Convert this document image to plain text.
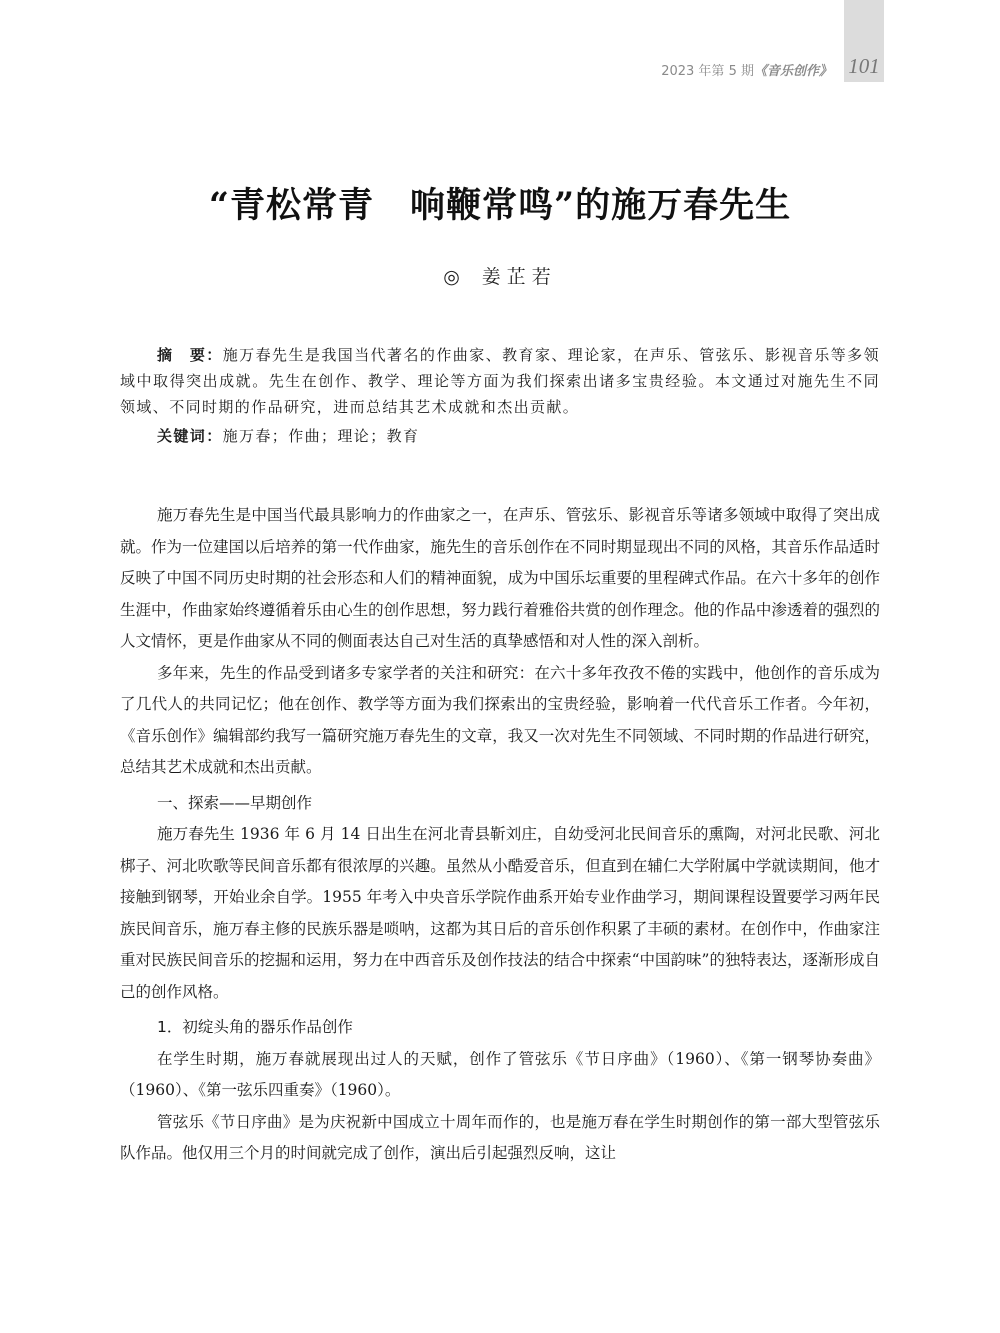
101
2023 年第 5 期《音乐创作》
“青松常青　响鞭常鸣”的施万春先生
◎ 姜芷若

摘　要：施万春先生是我国当代著名的作曲家、教育家、理论家，在声乐、管弦乐、影视音乐等多领域中取得突出成就。先生在创作、教学、理论等方面为我们探索出诸多宝贵经验。本文通过对施先生不同领域、不同时期的作品研究，进而总结其艺术成就和杰出贡献。

关键词：施万春；作曲；理论；教育

施万春先生是中国当代最具影响力的作曲家之一，在声乐、管弦乐、影视音乐等诸多领域中取得了突出成就。作为一位建国以后培养的第一代作曲家，施先生的音乐创作在不同时期显现出不同的风格，其音乐作品适时反映了中国不同历史时期的社会形态和人们的精神面貌，成为中国乐坛重要的里程碑式作品。在六十多年的创作生涯中，作曲家始终遵循着乐由心生的创作思想，努力践行着雅俗共赏的创作理念。他的作品中渗透着的强烈的人文情怀，更是作曲家从不同的侧面表达自己对生活的真挚感悟和对人性的深入剖析。

多年来，先生的作品受到诸多专家学者的关注和研究：在六十多年孜孜不倦的实践中，他创作的音乐成为了几代人的共同记忆；他在创作、教学等方面为我们探索出的宝贵经验，影响着一代代音乐工作者。今年初，《音乐创作》编辑部约我写一篇研究施万春先生的文章，我又一次对先生不同领域、不同时期的作品进行研究，总结其艺术成就和杰出贡献。

一、探索——早期创作

施万春先生 1936 年 6 月 14 日出生在河北青县靳刘庄，自幼受河北民间音乐的熏陶，对河北民歌、河北梆子、河北吹歌等民间音乐都有很浓厚的兴趣。虽然从小酷爱音乐，但直到在辅仁大学附属中学就读期间，他才接触到钢琴，开始业余自学。1955 年考入中央音乐学院作曲系开始专业作曲学习，期间课程设置要学习两年民族民间音乐，施万春主修的民族乐器是唢呐，这都为其日后的音乐创作积累了丰硕的素材。在创作中，作曲家注重对民族民间音乐的挖掘和运用，努力在中西音乐及创作技法的结合中探索“中国韵味”的独特表达，逐渐形成自己的创作风格。

1．初绽头角的器乐作品创作

在学生时期，施万春就展现出过人的天赋，创作了管弦乐《节日序曲》（1960）、《第一钢琴协奏曲》（1960）、《第一弦乐四重奏》（1960）。

管弦乐《节日序曲》是为庆祝新中国成立十周年而作的，也是施万春在学生时期创作的第一部大型管弦乐队作品。他仅用三个月的时间就完成了创作，演出后引起强烈反响，这让
